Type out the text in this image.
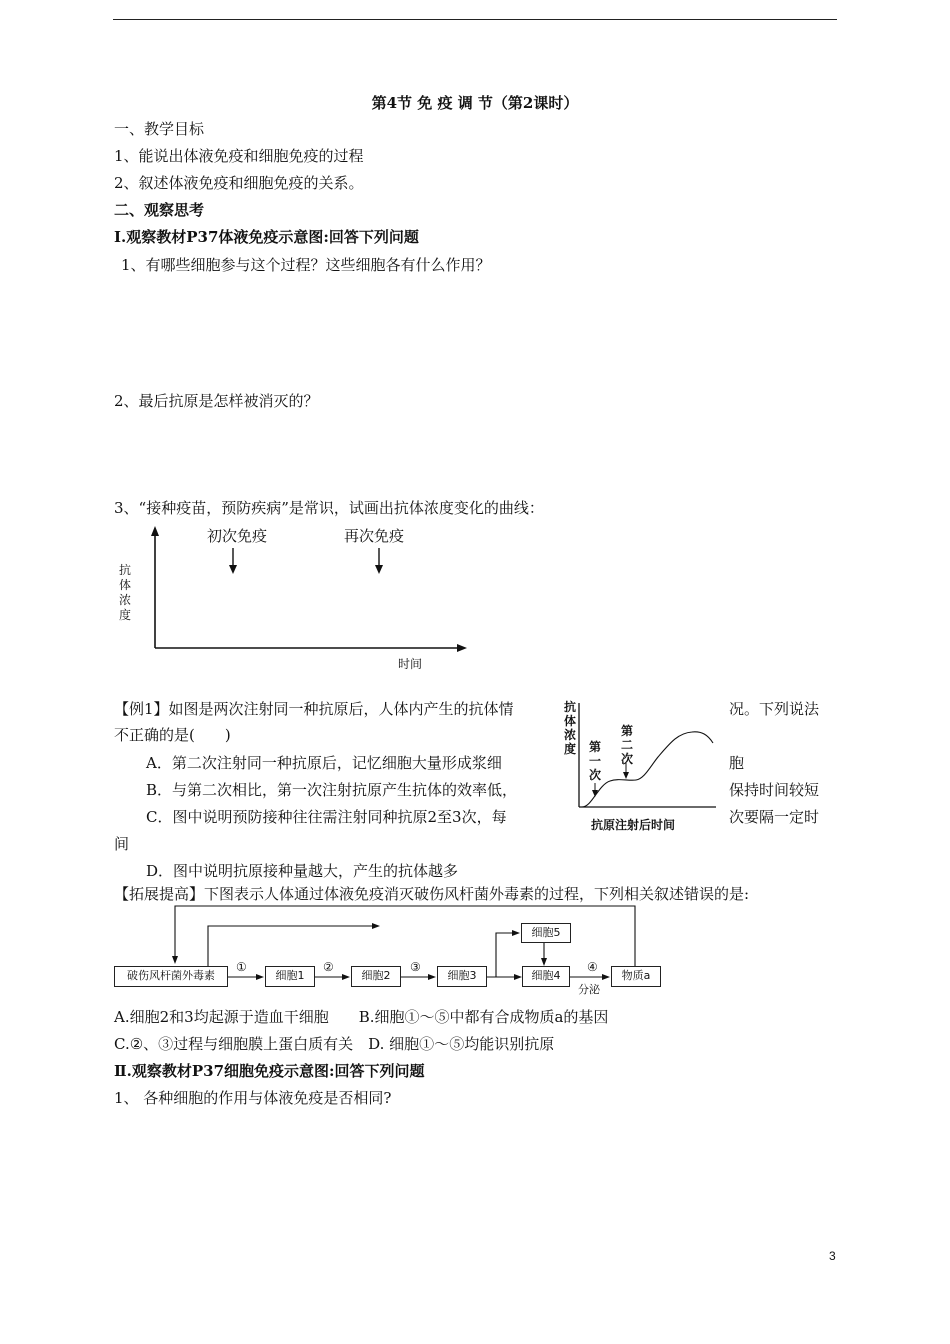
第4节 免 疫 调 节（第2课时）
一、教学目标
1、能说出体液免疫和细胞免疫的过程
2、叙述体液免疫和细胞免疫的关系。
二、观察思考
Ⅰ.观察教材P37体液免疫示意图:回答下列问题
1、有哪些细胞参与这个过程？这些细胞各有什么作用？
2、最后抗原是怎样被消灭的？
3、“接种疫苗，预防疾病”是常识，试画出抗体浓度变化的曲线：
初次免疫	再次免疫
抗体浓度
时间
【例1】如图是两次注射同一种抗原后，人体内产生的抗体情	况。下列说法
不正确的是(　　)
A．第二次注射同一种抗原后，记忆细胞大量形成浆细	胞
B．与第二次相比，第一次注射抗原产生抗体的效率低，	保持时间较短
C．图中说明预防接种往往需注射同种抗原2至3次，每	次要隔一定时
间
D．图中说明抗原接种量越大，产生的抗体越多
抗体浓度 第一次
第二次
抗原注射后时间
【拓展提高】下图表示人体通过体液免疫消灭破伤风杆菌外毒素的过程，下列相关叙述错误的是:
破伤风杆菌外毒素	细胞1	细胞2	细胞3	细胞4
细胞5
物质a
①	②	③	④
分泌
A.细胞2和3均起源于造血干细胞　　B.细胞①～⑤中都有合成物质a的基因
C.②、③过程与细胞膜上蛋白质有关　D. 细胞①～⑤均能识别抗原
Ⅱ.观察教材P37细胞免疫示意图:回答下列问题
1、 各种细胞的作用与体液免疫是否相同?
3
